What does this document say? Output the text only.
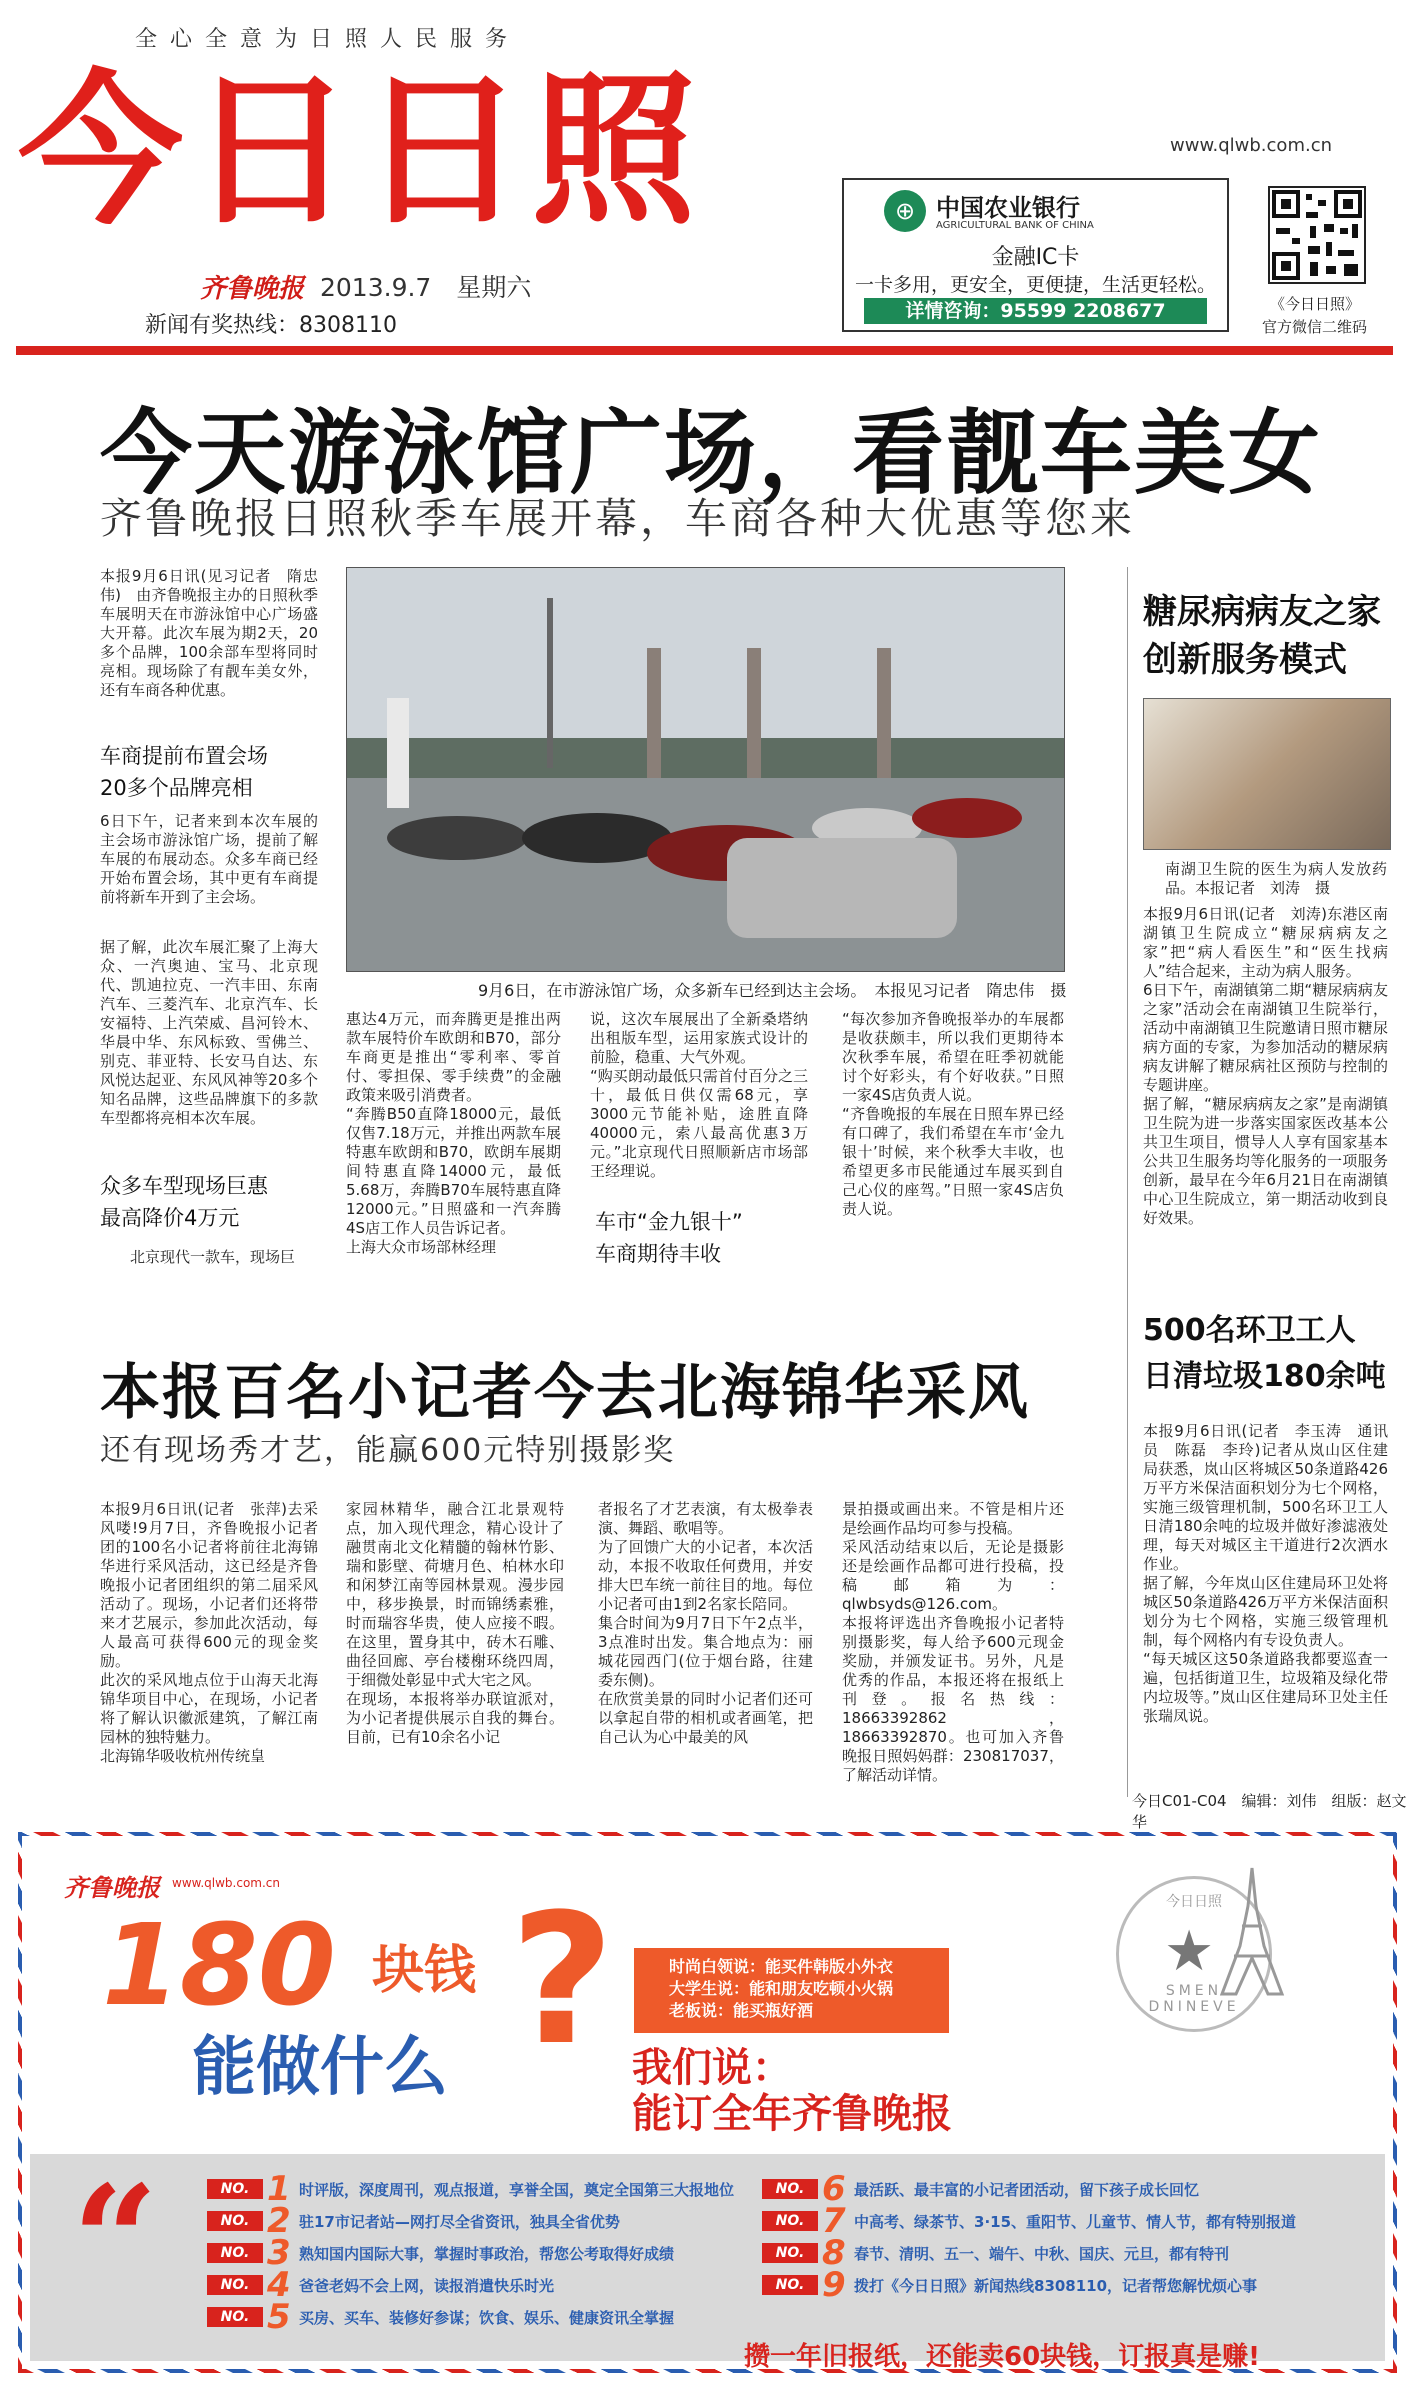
全心全意为日照人民服务
今日日照
齐鲁晚报 2013.9.7　星期六
新闻有奖热线：8308110
www.qlwb.com.cn
⊕ 中国农业银行
AGRICULTURAL BANK OF CHINA
金融IC卡
一卡多用，更安全，更便捷，生活更轻松。
详情咨询：95599 2208677	《今日日照》
官方微信二维码
今天游泳馆广场，看靓车美女
齐鲁晚报日照秋季车展开幕，车商各种大优惠等您来
本报9月6日讯(见习记者　隋忠伟)　由齐鲁晚报主办的日照秋季车展明天在市游泳馆中心广场盛大开幕。此次车展为期2天，20多个品牌，100余部车型将同时亮相。现场除了有靓车美女外，还有车商各种优惠。
车商提前布置会场
20多个品牌亮相
6日下午，记者来到本次车展的主会场市游泳馆广场，提前了解车展的布展动态。众多车商已经开始布置会场，其中更有车商提前将新车开到了主会场。
据了解，此次车展汇聚了上海大众、一汽奥迪、宝马、北京现代、凯迪拉克、一汽丰田、东南汽车、三菱汽车、北京汽车、长安福特、上汽荣威、昌河铃木、华晨中华、东风标致、雪佛兰、别克、菲亚特、长安马自达、东风悦达起亚、东风风神等20多个知名品牌，这些品牌旗下的多款车型都将亮相本次车展。
众多车型现场巨惠
最高降价4万元
北京现代一款车，现场巨
9月6日，在市游泳馆广场，众多新车已经到达主会场。　本报见习记者　隋忠伟　摄
惠达4万元，而奔腾更是推出两款车展特价车欧朗和B70，部分车商更是推出“零利率、零首付、零担保、零手续费”的金融政策来吸引消费者。
“奔腾B50直降18000元，最低仅售7.18万元，并推出两款车展特惠车欧朗和B70，欧朗车展期间特惠直降14000元，最低5.68万，奔腾B70车展特惠直降12000元。”日照盛和一汽奔腾4S店工作人员告诉记者。
上海大众市场部林经理
说，这次车展展出了全新桑塔纳出租版车型，运用家族式设计的前脸，稳重、大气外观。
“购买朗动最低只需首付百分之三十，最低日供仅需68元，享3000元节能补贴，途胜直降40000元，索八最高优惠3万元。”北京现代日照顺新店市场部王经理说。
车市“金九银十”
车商期待丰收
“每次参加齐鲁晚报举办的车展都是收获颇丰，所以我们更期待本次秋季车展，希望在旺季初就能讨个好彩头，有个好收获。”日照一家4S店负责人说。
“齐鲁晚报的车展在日照车界已经有口碑了，我们希望在车市‘金九银十’时候，来个秋季大丰收，也希望更多市民能通过车展买到自己心仪的座驾。”日照一家4S店负责人说。
糖尿病病友之家
创新服务模式
南湖卫生院的医生为病人发放药品。本报记者　刘涛　摄
本报9月6日讯(记者　刘涛)东港区南湖镇卫生院成立“糖尿病病友之家”把“病人看医生”和“医生找病人”结合起来，主动为病人服务。
6日下午，南湖镇第二期“糖尿病病友之家”活动会在南湖镇卫生院举行，活动中南湖镇卫生院邀请日照市糖尿病方面的专家，为参加活动的糖尿病病友讲解了糖尿病社区预防与控制的专题讲座。
据了解，“糖尿病病友之家”是南湖镇卫生院为进一步落实国家医改基本公共卫生项目，惯导人人享有国家基本公共卫生服务均等化服务的一项服务创新，最早在今年6月21日在南湖镇中心卫生院成立，第一期活动收到良好效果。
500名环卫工人
日清垃圾180余吨
本报9月6日讯(记者　李玉涛　通讯员　陈磊　李玲)记者从岚山区住建局获悉，岚山区将城区50条道路426万平方米保洁面积划分为七个网格，实施三级管理机制，500名环卫工人日清180余吨的垃圾并做好渗滤液处理，每天对城区主干道进行2次洒水作业。
据了解，今年岚山区住建局环卫处将城区50条道路426万平方米保洁面积划分为七个网格，实施三级管理机制，每个网格内有专设负责人。
“每天城区这50条道路我都要巡查一遍，包括街道卫生，垃圾箱及绿化带内垃圾等。”岚山区住建局环卫处主任张瑞凤说。
本报百名小记者今去北海锦华采风
还有现场秀才艺，能赢600元特别摄影奖
本报9月6日讯(记者　张萍)去采风喽!9月7日，齐鲁晚报小记者团的100名小记者将前往北海锦华进行采风活动，这已经是齐鲁晚报小记者团组织的第二届采风活动了。现场，小记者们还将带来才艺展示，参加此次活动，每人最高可获得600元的现金奖励。
此次的采风地点位于山海天北海锦华项目中心，在现场，小记者将了解认识徽派建筑，了解江南园林的独特魅力。
北海锦华吸收杭州传统皇
家园林精华，融合江北景观特点，加入现代理念，精心设计了融贯南北文化精髓的翰林竹影、瑞和影壁、荷塘月色、柏林水印和闲梦江南等园林景观。漫步园中，移步换景，时而锦绣素雅，时而瑞容华贵，使人应接不暇。在这里，置身其中，砖木石雕、曲径回廊、亭台楼榭环绕四周，于细微处彰显中式大宅之风。
在现场，本报将举办联谊派对，为小记者提供展示自我的舞台。目前，已有10余名小记
者报名了才艺表演，有太极拳表演、舞蹈、歌唱等。
为了回馈广大的小记者，本次活动，本报不收取任何费用，并安排大巴车统一前往目的地。每位小记者可由1到2名家长陪同。
集合时间为9月7日下午2点半，3点准时出发。集合地点为：丽城花园西门(位于烟台路，往建委东侧)。
在欣赏美景的同时小记者们还可以拿起自带的相机或者画笔，把自己认为心中最美的风
景拍摄或画出来。不管是相片还是绘画作品均可参与投稿。
采风活动结束以后，无论是摄影还是绘画作品都可进行投稿，投稿邮箱为：qlwbsyds@126.com。
本报将评选出齐鲁晚报小记者特别摄影奖，每人给予600元现金奖励，并颁发证书。另外，凡是优秀的作品，本报还将在报纸上刊登。报名热线：18663392862，18663392870。也可加入齐鲁晚报日照妈妈群：230817037，了解活动详情。
今日C01-C04　编辑：刘伟　组版：赵文华
齐鲁晚报 www.qlwb.com.cn
180 块钱
能做什么 ?	时尚白领说：能买件韩版小外衣
大学生说：能和朋友吃顿小火锅
老板说：能买瓶好酒
我们说：
能订全年齐鲁晚报
今日日照
★
SMEN DNINEVE
“	NO. 1 时评版，深度周刊，观点报道，享誉全国，奠定全国第三大报地位
NO. 2 驻17市记者站—网打尽全省资讯，独具全省优势
NO. 3 熟知国内国际大事，掌握时事政治，帮您公考取得好成绩
NO. 4 爸爸老妈不会上网，读报消遣快乐时光
NO. 5 买房、买车、装修好参谋；饮食、娱乐、健康资讯全掌握
NO. 6 最活跃、最丰富的小记者团活动，留下孩子成长回忆
NO. 7 中高考、绿茶节、3·15、重阳节、儿童节、情人节，都有特别报道
NO. 8 春节、清明、五一、端午、中秋、国庆、元旦，都有特刊
NO. 9 拨打《今日日照》新闻热线8308110，记者帮您解忧烦心事
攒一年旧报纸，还能卖60块钱，订报真是赚!
